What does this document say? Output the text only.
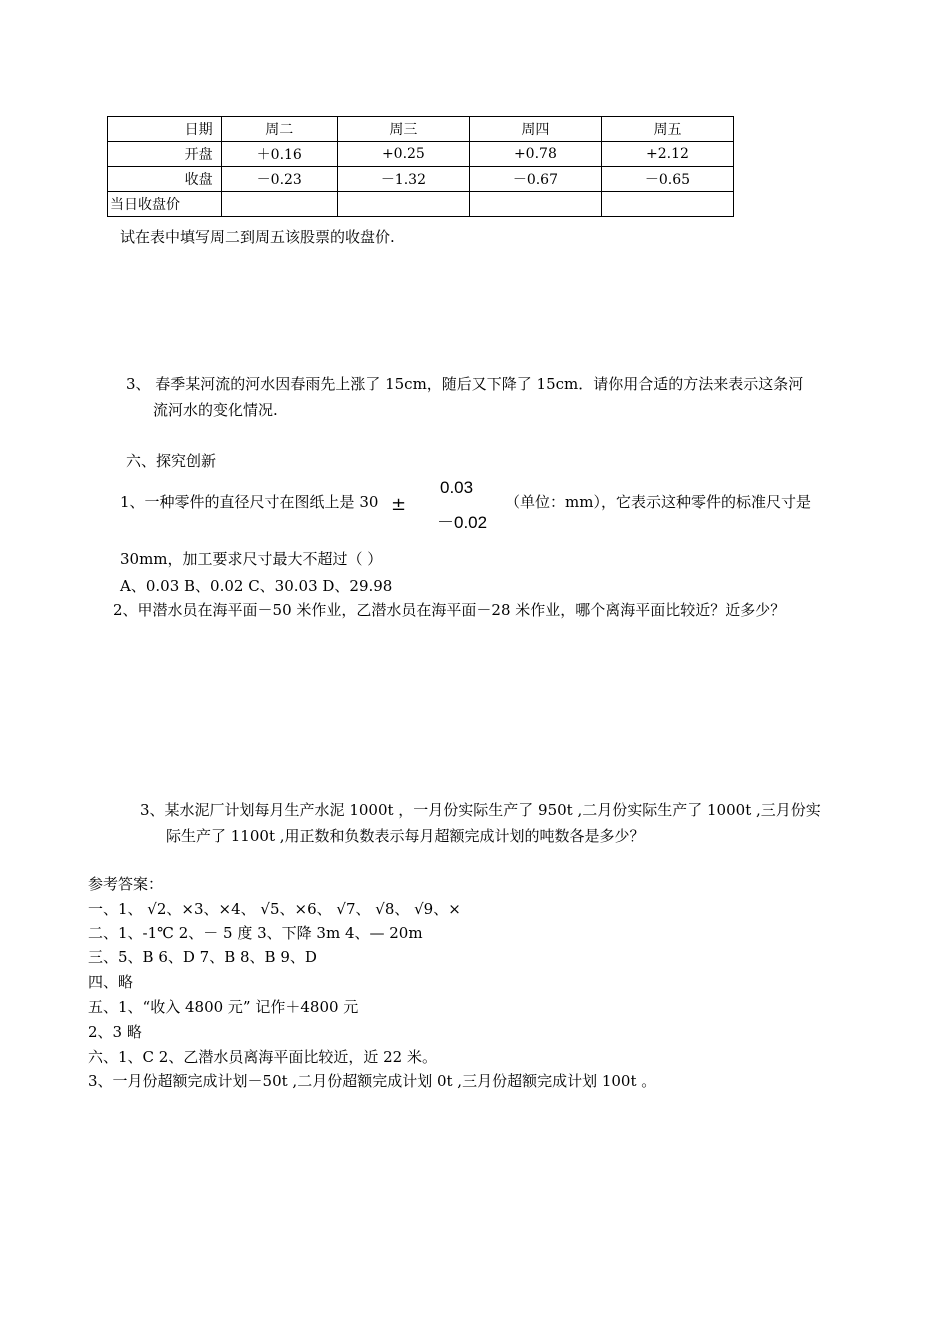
日期	周二	周三	周四	周五
开盘	＋0.16	+0.25	+0.78	+2.12
收盘	－0.23	－1.32	－0.67	－0.65
当日收盘价				
试在表中填写周二到周五该股票的收盘价.
3、 春季某河流的河水因春雨先上涨了 15cm，随后又下降了 15cm．请你用合适的方法来表示这条河
流河水的变化情况.
六、探究创新
1、一种零件的直径尺寸在图纸上是 30 ±
0.03
－0.02
（单位：mm），它表示这种零件的标准尺寸是
30mm，加工要求尺寸最大不超过（ ）
A、0.03 B、0.02 C、30.03 D、29.98
2、甲潜水员在海平面－50 米作业，乙潜水员在海平面－28 米作业，哪个离海平面比较近？近多少？
3、某水泥厂计划每月生产水泥 1000t ，一月份实际生产了 950t ,二月份实际生产了 1000t ,三月份实
际生产了 1100t ,用正数和负数表示每月超额完成计划的吨数各是多少？
参考答案：
一、1、 √2、×3、×4、 √5、×6、 √7、 √8、 √9、×
二、1、-1℃ 2、－ 5 度 3、下降 3m 4、— 20m
三、5、B 6、D 7、B 8、B 9、D
四、略
五、1、“收入 4800 元” 记作＋4800 元
2、3 略
六、1、C 2、乙潜水员离海平面比较近，近 22 米。
3、一月份超额完成计划－50t ,二月份超额完成计划 0t ,三月份超额完成计划 100t 。
